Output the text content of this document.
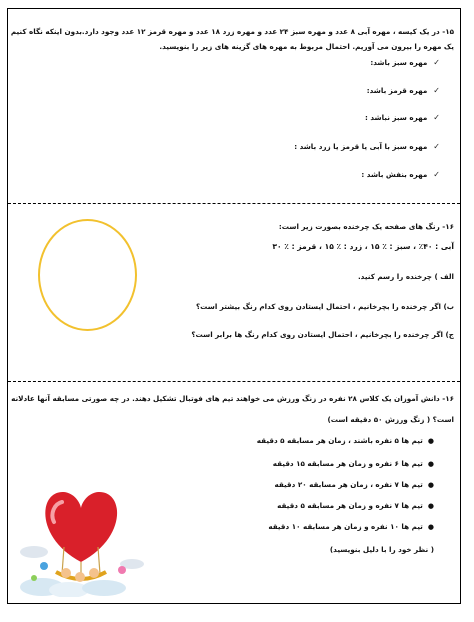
۱۵- در یک کیسه ، مهره آبی ۸ عدد و مهره سبز ۲۴ عدد و مهره زرد ۱۸ عدد و مهره قرمز ۱۲ عدد وجود دارد.بدون اینکه نگاه کنیم
یک مهره را بیرون می آوریم. احتمال مربوط به مهره های گزینه های زیر را بنویسید.
✓مهره سبز باشد:
✓مهره قرمز باشد:
✓مهره سبز نباشد :
✓مهره سبز با آبی یا قرمز یا زرد باشد :
✓مهره بنفش باشد :
۱۶- رنگ های صفحه یک چرخنده بصورت زیر است:
آبی : ۴۰٪ ، سبز : ٪ ۱۵ ، زرد : ٪ ۱۵ ، قرمز : ٪ ۳۰
الف ) چرخنده را رسم کنید.
ب) اگر چرخنده را بچرخانیم ، احتمال ایستادن روی کدام رنگ بیشتر است؟
ج) اگر چرخنده را بچرخانیم ، احتمال ایستادن روی کدام رنگ ها برابر است؟
۱۶- دانش آموزان یک کلاس ۲۸ نفره در زنگ ورزش می خواهند تیم های فوتبال تشکیل دهند. در چه صورتی مسابقه آنها عادلانه
است؟ ( زنگ ورزش ۵۰ دقیقه است)
●تیم ها ۵ نفره باشند ، زمان هر مسابقه ۵ دقیقه
●تیم ها ۶ نفره و زمان هر مسابقه ۱۵ دقیقه
●تیم ها ۷ نفره ، زمان هر مسابقه ۲۰ دقیقه
●تیم ها ۷ نفره و زمان هر مسابقه ۵ دقیقه
●تیم ها ۱۰ نفره و زمان هر مسابقه ۱۰ دقیقه
( نظر خود را با دلیل بنویسید)
